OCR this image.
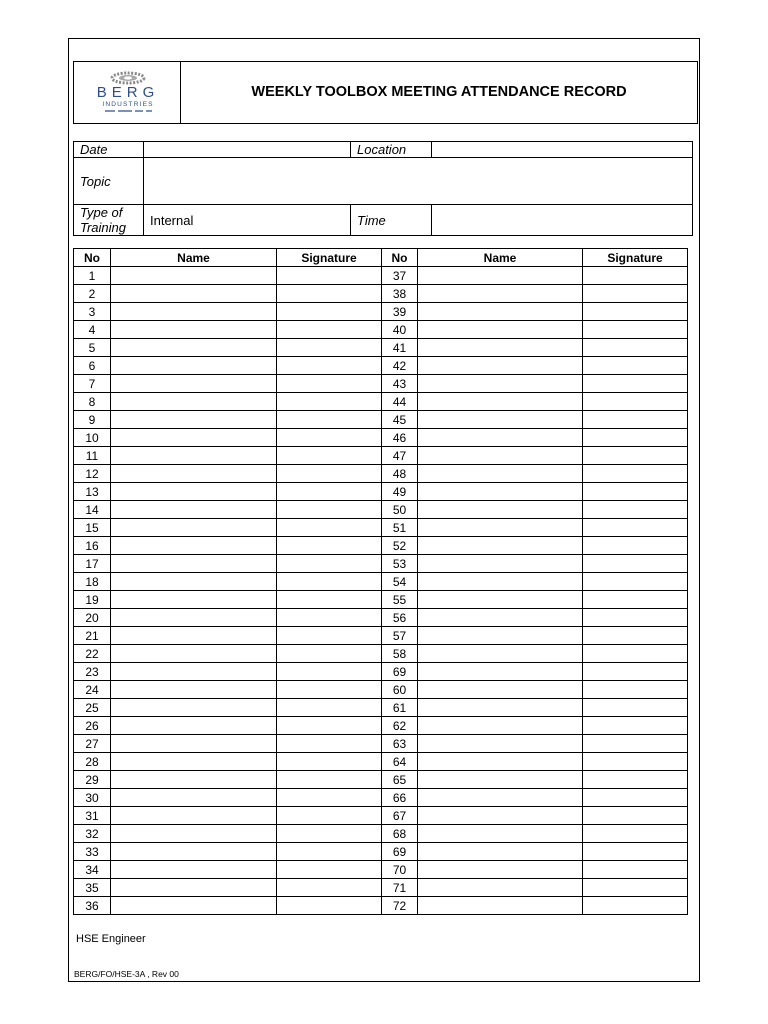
BERG
INDUSTRIES
WEEKLY TOOLBOX MEETING ATTENDANCE RECORD
Date		Location	
Topic			
Type of
Training	Internal	Time	
No	Name	Signature	No	Name	Signature
1			37		
2			38		
3			39		
4			40		
5			41		
6			42		
7			43		
8			44		
9			45		
10			46		
11			47		
12			48		
13			49		
14			50		
15			51		
16			52		
17			53		
18			54		
19			55		
20			56		
21			57		
22			58		
23			69		
24			60		
25			61		
26			62		
27			63		
28			64		
29			65		
30			66		
31			67		
32			68		
33			69		
34			70		
35			71		
36			72		
HSE Engineer
BERG/FO/HSE-3A , Rev 00
